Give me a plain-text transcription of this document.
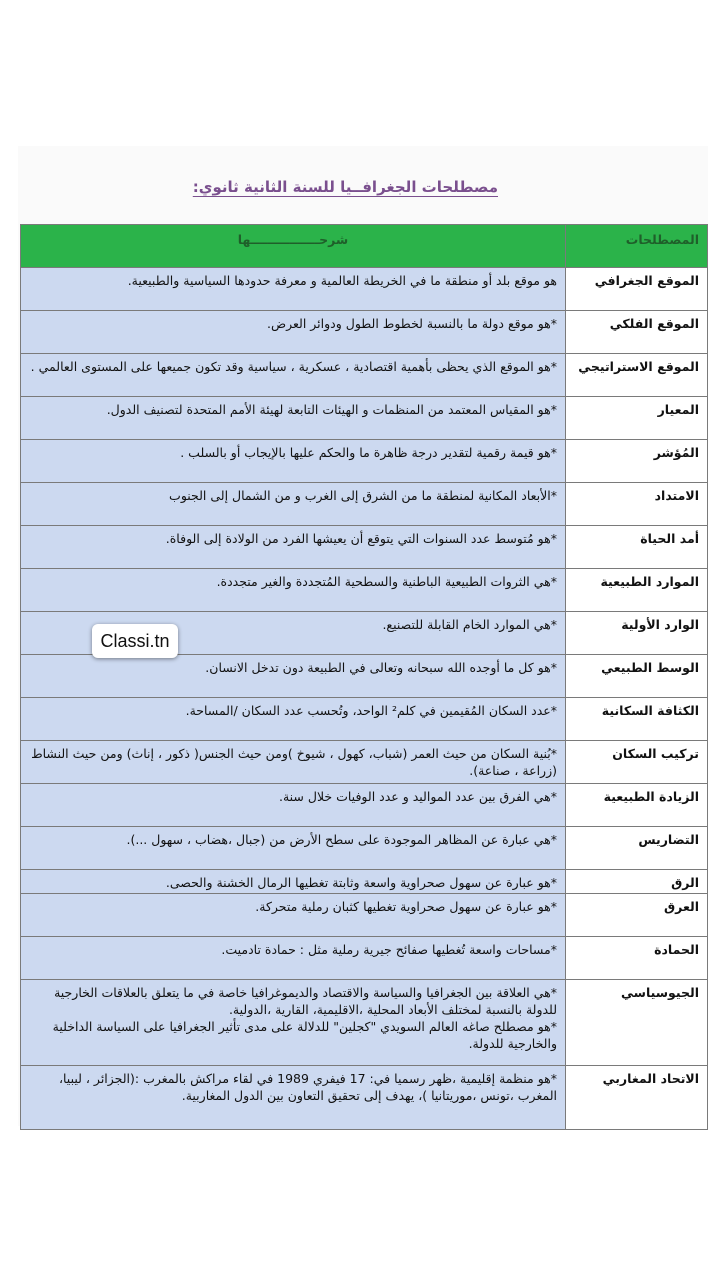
مصطلحات الجغرافــيا للسنة الثانية ثانوي:
المصطلحات	شرحــــــــــــــــها
الموقع الجغرافي	هو موقع بلد أو منطقة ما في الخريطة العالمية و معرفة حدودها السياسية والطبيعية.
الموقع الفلكي	*هو موقع دولة ما بالنسبة لخطوط الطول ودوائر العرض.
الموقع الاستراتيجي	*هو الموقع الذي يحظى بأهمية اقتصادية ، عسكرية ، سياسية وقد تكون جميعها على المستوى العالمي .
المعيار	*هو المقياس المعتمد من المنظمات و الهيئات التابعة لهيئة الأمم المتحدة لتصنيف الدول.
المُؤشر	*هو قيمة رقمية لتقدير درجة ظاهرة ما والحكم عليها بالإيجاب أو بالسلب .
الامتداد	*الأبعاد المكانية لمنطقة ما من الشرق إلى الغرب و من الشمال إلى الجنوب
أمد الحياة	*هو مُتوسط عدد السنوات التي يتوقع أن يعيشها الفرد من الولادة إلى الوفاة.
الموارد الطبيعية	*هي الثروات الطبيعية الباطنية والسطحية المُتجددة والغير متجددة.
الوارد الأولية	*هي الموارد الخام القابلة للتصنيع.
الوسط الطبيعي	*هو كل ما أوجده الله سبحانه وتعالى في الطبيعة دون تدخل الانسان.
الكثافة السكانية	*عدد السكان المُقيمين في كلم² الواحد، وتُحسب عدد السكان /المساحة.
تركيب السكان	*بُنية السكان من حيث العمر (شباب، كهول ، شيوخ )ومن حيث الجنس( ذكور ، إناث) ومن حيث النشاط (زراعة ، صناعة).
الزيادة الطبيعية	*هي الفرق بين عدد المواليد و عدد الوفيات خلال سنة.
التضاريس	*هي عبارة عن المظاهر الموجودة على سطح الأرض من (جبال ،هضاب ، سهول ...).
الرق	*هو عبارة عن سهول صحراوية واسعة وثابتة تغطيها الرمال الخشنة والحصى.
العرق	*هو عبارة عن سهول صحراوية تغطيها كثبان رملية متحركة.
الحمادة	*مساحات واسعة تُغطيها صفائح جيرية رملية مثل : حمادة تادميت.
الجيوسياسي	*هي العلاقة بين الجغرافيا والسياسة والاقتصاد والديموغرافيا خاصة في ما يتعلق بالعلاقات الخارجية للدولة بالنسبة لمختلف الأبعاد المحلية ،الاقليمية، القارية ،الدولية.
*هو مصطلح صاغه العالم السويدي "كجلين" للدلالة على مدى تأثير الجغرافيا على السياسة الداخلية والخارجية للدولة.

الاتحاد المغاربي	*هو منظمة إقليمية ،ظهر رسميا في: 17 فيفري 1989 في لقاء مراكش بالمغرب :(الجزائر ، ليبيا، المغرب ،تونس ،موريتانيا )، يهدف إلى تحقيق التعاون بين الدول المغاربية.
Classi.tn
